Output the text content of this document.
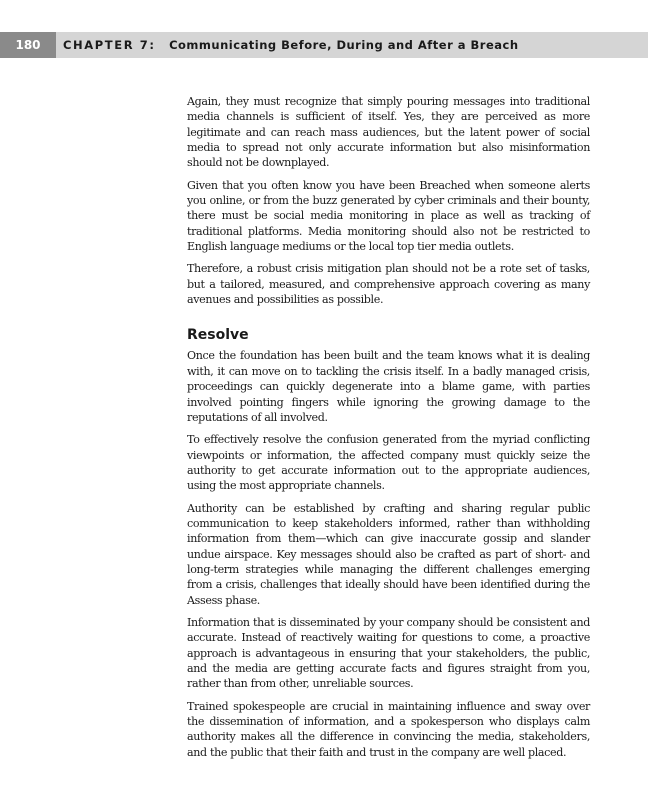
180	CHAPTER 7: Communicating Before, During and After a Breach

Again, they must recognize that simply pouring messages into traditional media channels is sufficient of itself. Yes, they are perceived as more legitimate and can reach mass audiences, but the latent power of social media to spread not only accurate information but also misinformation should not be downplayed.

Given that you often know you have been Breached when someone alerts you online, or from the buzz generated by cyber criminals and their bounty, there must be social media monitoring in place as well as tracking of traditional platforms. Media monitoring should also not be restricted to English language mediums or the local top tier media outlets.

Therefore, a robust crisis mitigation plan should not be a rote set of tasks, but a tailored, measured, and comprehensive approach covering as many avenues and possibilities as possible.

Resolve

Once the foundation has been built and the team knows what it is dealing with, it can move on to tackling the crisis itself. In a badly managed crisis, proceedings can quickly degenerate into a blame game, with parties involved pointing fingers while ignoring the growing damage to the reputations of all involved.

To effectively resolve the confusion generated from the myriad conflicting viewpoints or information, the affected company must quickly seize the authority to get accurate information out to the appropriate audiences, using the most appropriate channels.

Authority can be established by crafting and sharing regular public communication to keep stakeholders informed, rather than withholding information from them—which can give inaccurate gossip and slander undue airspace. Key messages should also be crafted as part of short- and long-term strategies while managing the different challenges emerging from a crisis, challenges that ideally should have been identified during the Assess phase.

Information that is disseminated by your company should be consistent and accurate. Instead of reactively waiting for questions to come, a proactive approach is advantageous in ensuring that your stakeholders, the public, and the media are getting accurate facts and figures straight from you, rather than from other, unreliable sources.

Trained spokespeople are crucial in maintaining influence and sway over the dissemination of information, and a spokesperson who displays calm authority makes all the difference in convincing the media, stakeholders, and the public that their faith and trust in the company are well placed.
